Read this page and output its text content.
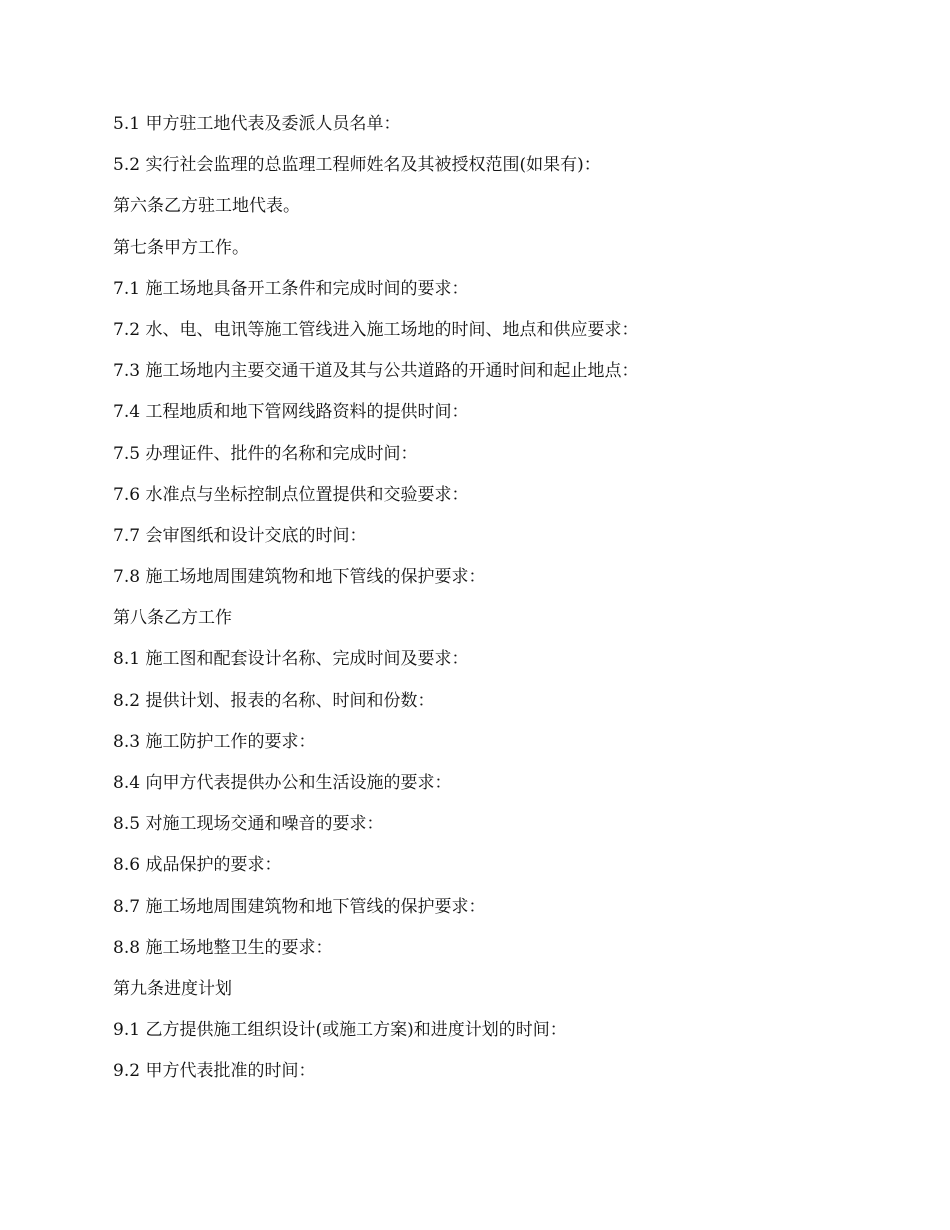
5.1 甲方驻工地代表及委派人员名单：

5.2 实行社会监理的总监理工程师姓名及其被授权范围(如果有)：

第六条乙方驻工地代表。

第七条甲方工作。

7.1 施工场地具备开工条件和完成时间的要求：

7.2 水、电、电讯等施工管线进入施工场地的时间、地点和供应要求：

7.3 施工场地内主要交通干道及其与公共道路的开通时间和起止地点：

7.4 工程地质和地下管网线路资料的提供时间：

7.5 办理证件、批件的名称和完成时间：

7.6 水准点与坐标控制点位置提供和交验要求：

7.7 会审图纸和设计交底的时间：

7.8 施工场地周围建筑物和地下管线的保护要求：

第八条乙方工作

8.1 施工图和配套设计名称、完成时间及要求：

8.2 提供计划、报表的名称、时间和份数：

8.3 施工防护工作的要求：

8.4 向甲方代表提供办公和生活设施的要求：

8.5 对施工现场交通和噪音的要求：

8.6 成品保护的要求：

8.7 施工场地周围建筑物和地下管线的保护要求：

8.8 施工场地整卫生的要求：

第九条进度计划

9.1 乙方提供施工组织设计(或施工方案)和进度计划的时间：

9.2 甲方代表批准的时间：
